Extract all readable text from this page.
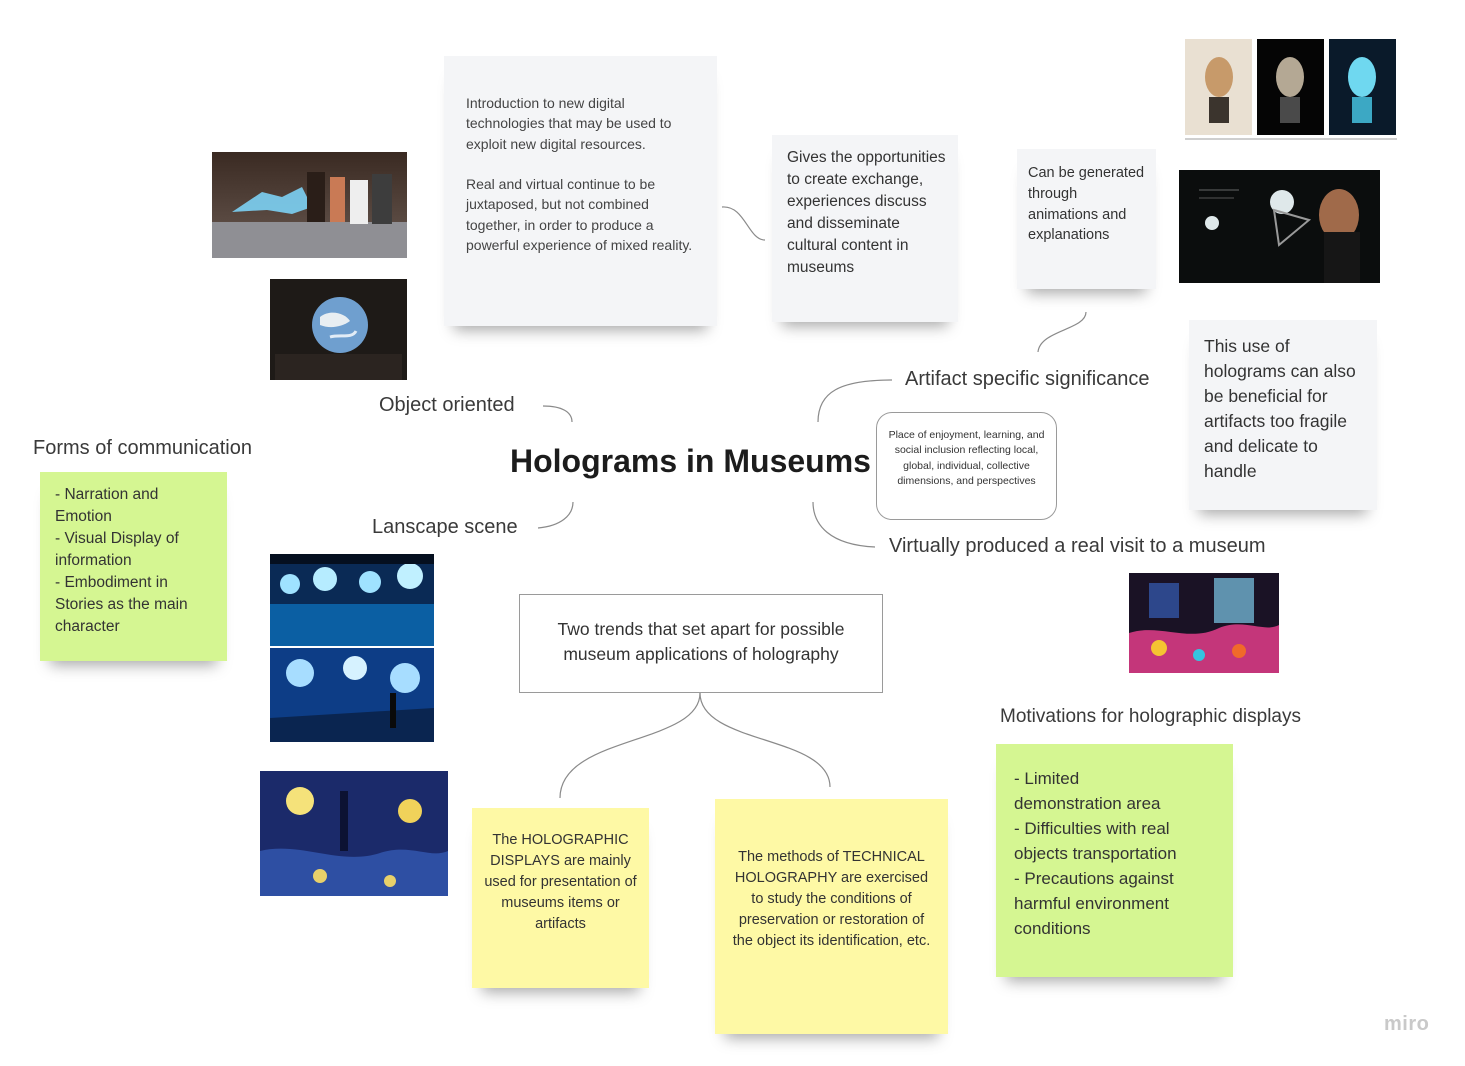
Holograms in Museums
Object oriented
Lanscape scene
Forms of communication
Artifact specific significance
Virtually produced a real visit to a museum
Motivations for holographic displays
Introduction to new digital technologies that may be used to exploit new digital resources.

Real and virtual continue to be juxtaposed, but not combined together, in order to produce a powerful experience of mixed reality.
Gives the opportunities to create exchange, experiences discuss and disseminate cultural content in museums
Can be generated through animations and explanations
This use of holograms can also be beneficial for artifacts too fragile and delicate to handle
Place of enjoyment, learning, and social inclusion reflecting local, global, individual, collective dimensions, and perspectives
- Narration and Emotion
- Visual Display of information
- Embodiment in Stories as the main character	Two trends that set apart for possible museum applications of holography
The HOLOGRAPHIC DISPLAYS are mainly used for presentation of museums items or artifacts
The methods of TECHNICAL HOLOGRAPHY are exercised to study the conditions of preservation or restoration of the object its identification, etc.
- Limited
demonstration area
- Difficulties with real
objects transportation
- Precautions against
harmful environment
conditions
miro
